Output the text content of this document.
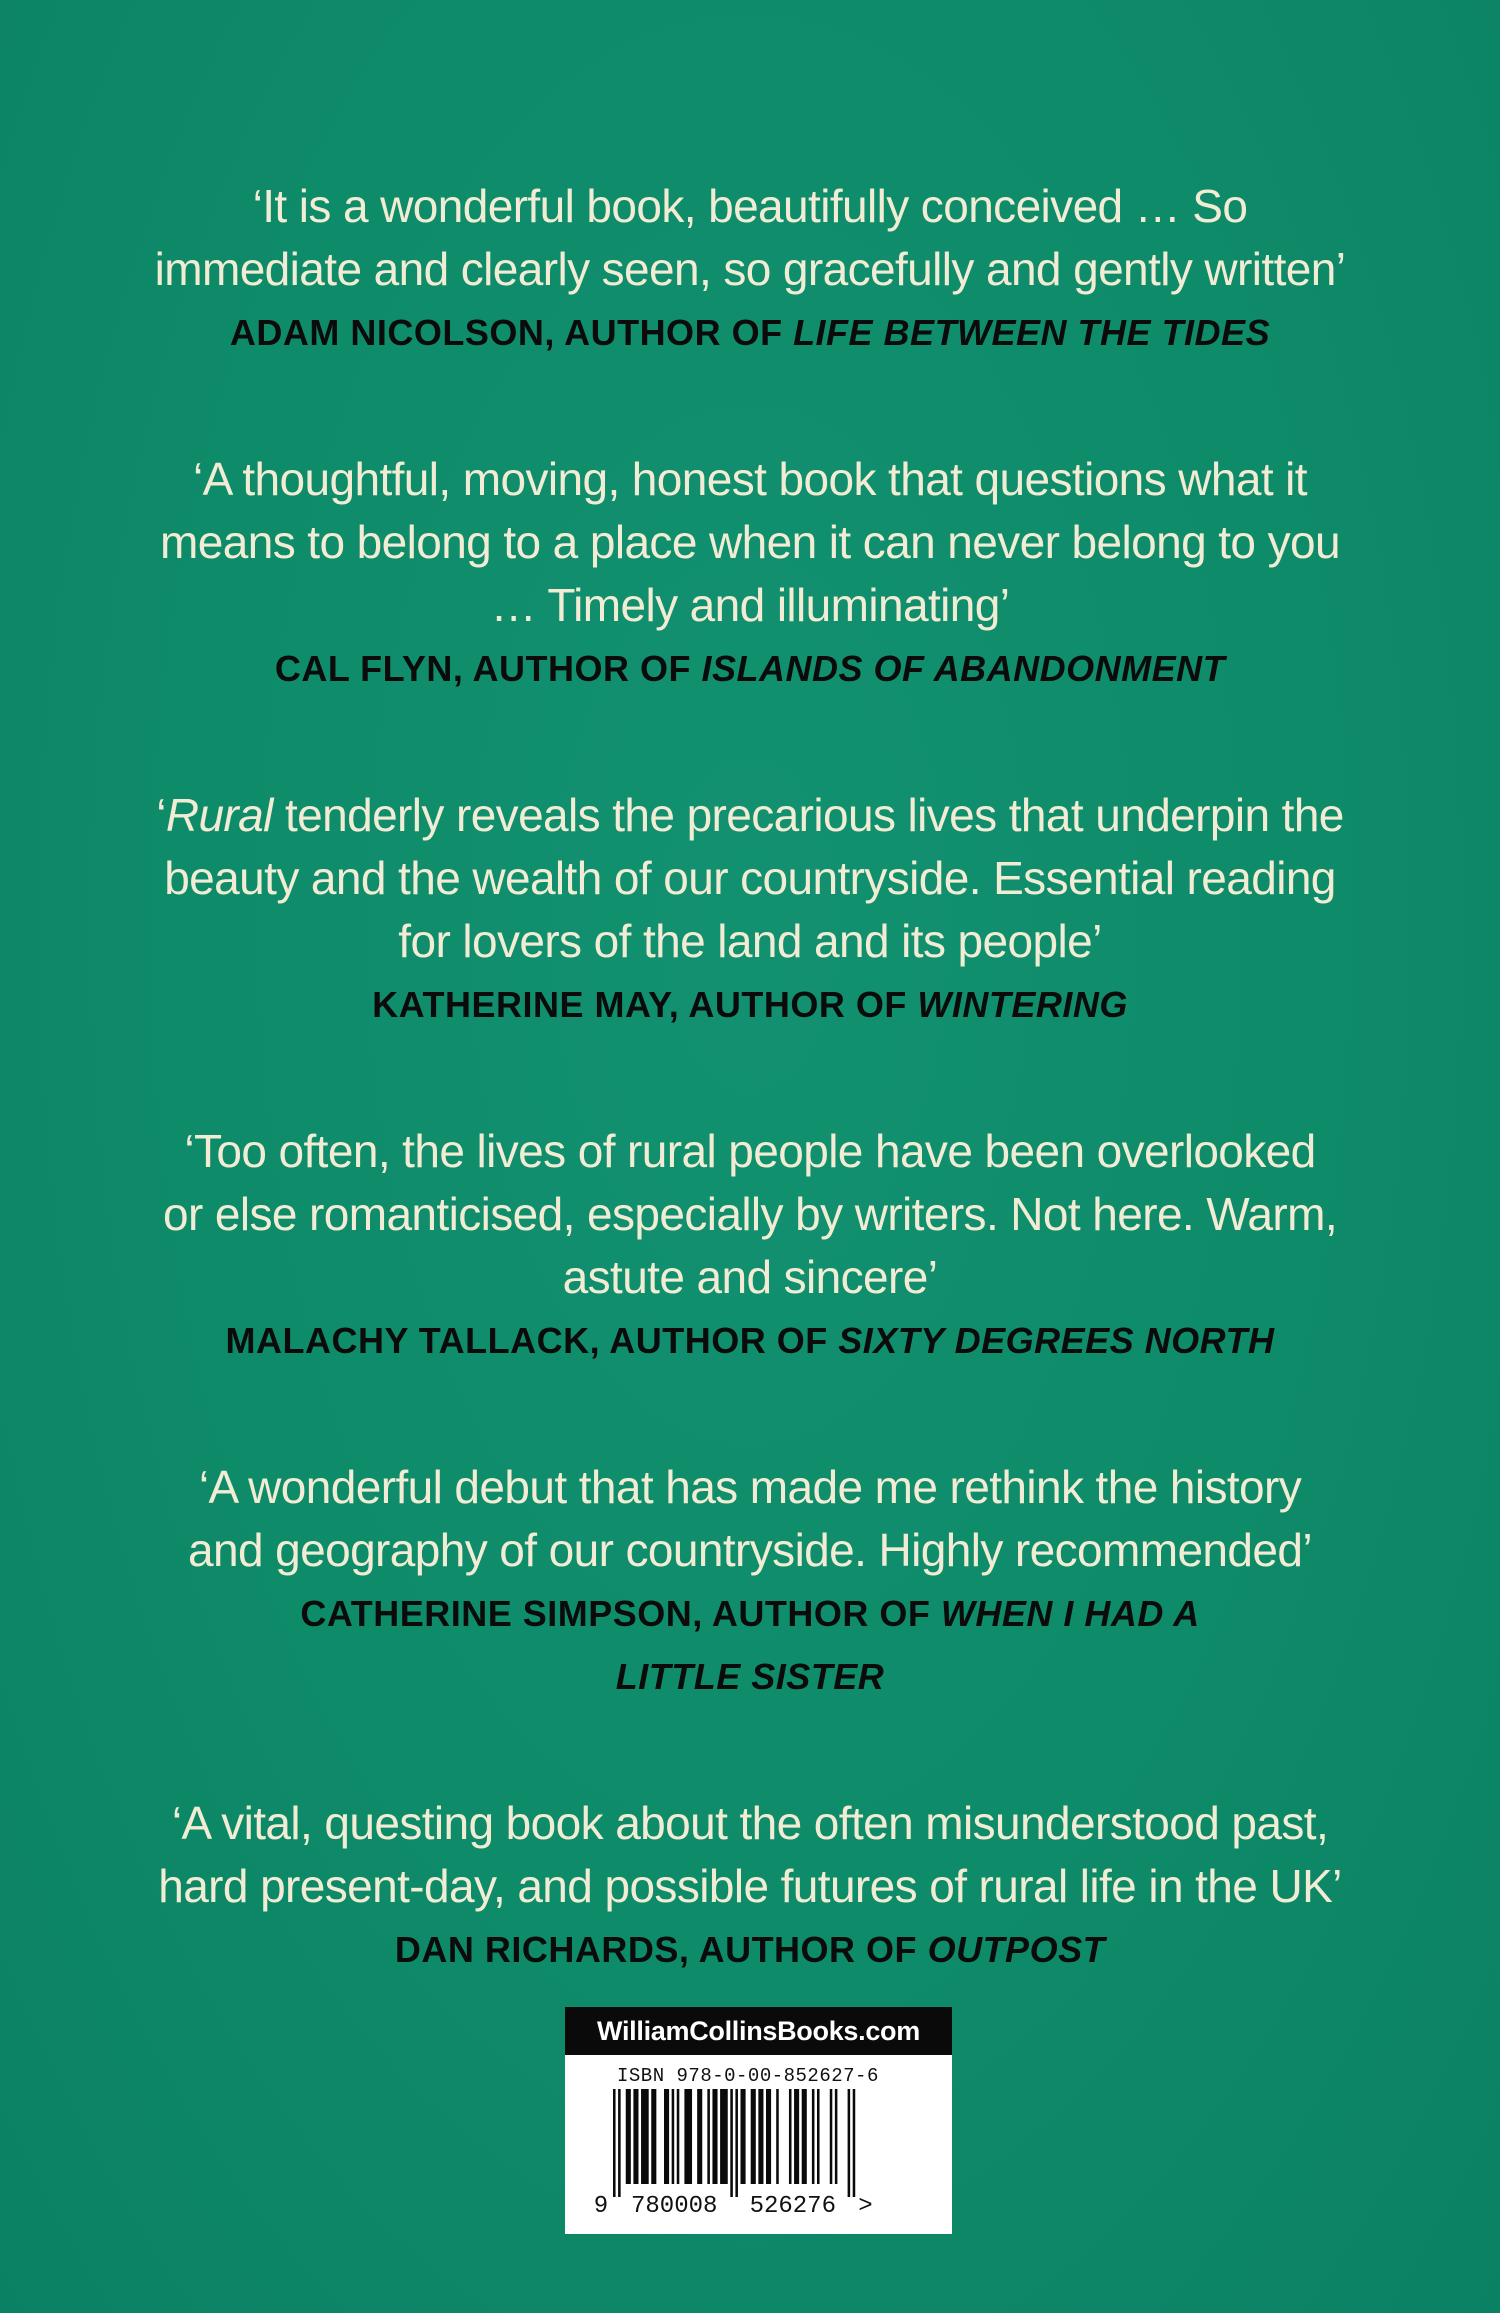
‘It is a wonderful book, beautifully conceived … So
immediate and clearly seen, so gracefully and gently written’
ADAM NICOLSON, AUTHOR OF LIFE BETWEEN THE TIDES
‘A thoughtful, moving, honest book that questions what it
means to belong to a place when it can never belong to you
… Timely and illuminating’
CAL FLYN, AUTHOR OF ISLANDS OF ABANDONMENT
‘Rural tenderly reveals the precarious lives that underpin the
beauty and the wealth of our countryside. Essential reading
for lovers of the land and its people’
KATHERINE MAY, AUTHOR OF WINTERING
‘Too often, the lives of rural people have been overlooked
or else romanticised, especially by writers. Not here. Warm,
astute and sincere’
MALACHY TALLACK, AUTHOR OF SIXTY DEGREES NORTH
‘A wonderful debut that has made me rethink the history
and geography of our countryside. Highly recommended’
CATHERINE SIMPSON, AUTHOR OF WHEN I HAD A
LITTLE SISTER
‘A vital, questing book about the often misunderstood past,
hard present-day, and possible futures of rural life in the UK’
DAN RICHARDS, AUTHOR OF OUTPOST
WilliamCollinsBooks.com
ISBN 978-0-00-852627-6
9 780008 526276 >
